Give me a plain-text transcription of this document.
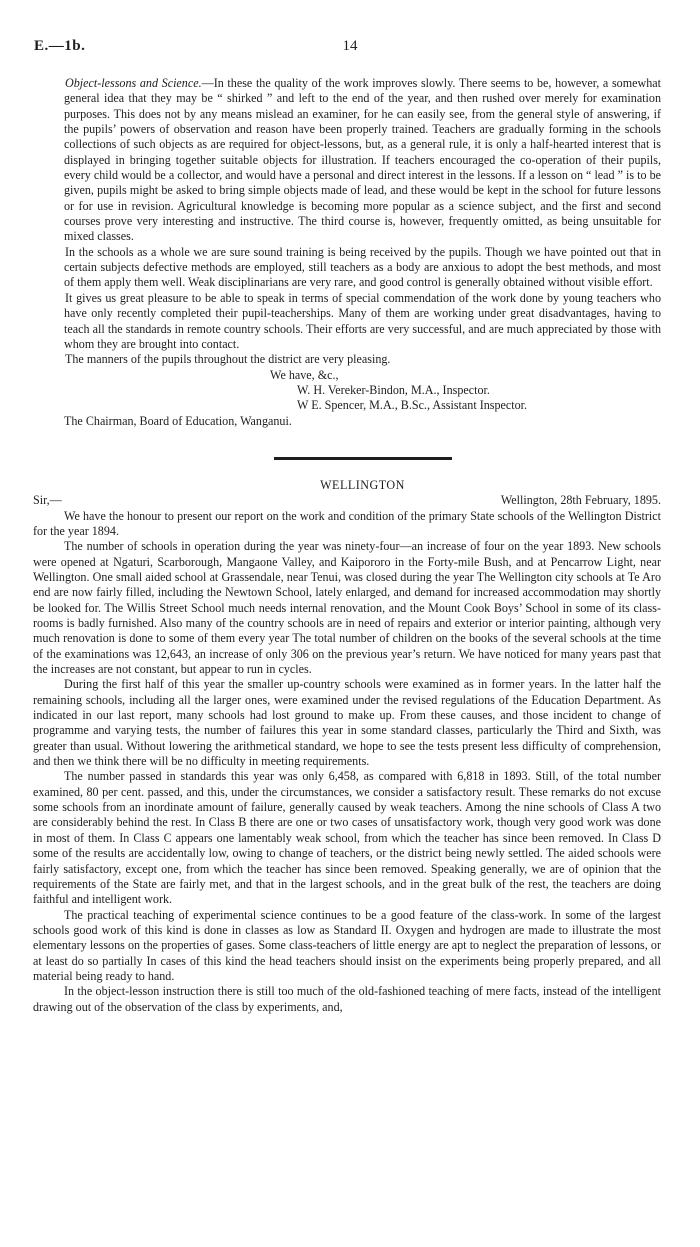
E.—1b.	14

Object-lessons and Science.—In these the quality of the work improves slowly. There seems to be, however, a somewhat general idea that they may be “ shirked ” and left to the end of the year, and then rushed over merely for examination purposes. This does not by any means mislead an examiner, for he can easily see, from the general style of answering, if the pupils’ powers of observation and reason have been properly trained. Teachers are gradually forming in the schools collections of such objects as are required for object-lessons, but, as a general rule, it is only a half-hearted interest that is displayed in bringing together suitable objects for illustration. If teachers encouraged the co-operation of their pupils, every child would be a collector, and would have a personal and direct interest in the lessons. If a lesson on “ lead ” is to be given, pupils might be asked to bring simple objects made of lead, and these would be kept in the school for future lessons or for use in revision. Agricultural knowledge is becoming more popular as a science subject, and the first and second courses prove very interesting and instructive. The third course is, however, frequently omitted, as being unsuitable for mixed classes.

In the schools as a whole we are sure sound training is being received by the pupils. Though we have pointed out that in certain subjects defective methods are employed, still teachers as a body are anxious to adopt the best methods, and most of them apply them well. Weak disciplinarians are very rare, and good control is generally obtained without visible effort.

It gives us great pleasure to be able to speak in terms of special commendation of the work done by young teachers who have only recently completed their pupil-teacherships. Many of them are working under great disadvantages, having to teach all the standards in remote country schools. Their efforts are very successful, and are much appreciated by those with whom they are brought into contact.

The manners of the pupils throughout the district are very pleasing.

We have, &c.,
W. H. Vereker-Bindon, M.A., Inspector.
W E. Spencer, M.A., B.Sc., Assistant Inspector.
The Chairman, Board of Education, Wanganui.
WELLINGTON
Sir,—	Wellington, 28th February, 1895.

We have the honour to present our report on the work and condition of the primary State schools of the Wellington District for the year 1894.

The number of schools in operation during the year was ninety-four—an increase of four on the year 1893. New schools were opened at Ngaturi, Scarborough, Mangaone Valley, and Kaipororo in the Forty-mile Bush, and at Pencarrow Light, near Wellington. One small aided school at Grassendale, near Tenui, was closed during the year The Wellington city schools at Te Aro end are now fairly filled, including the Newtown School, lately enlarged, and demand for increased accommodation may shortly be looked for. The Willis Street School much needs internal renovation, and the Mount Cook Boys’ School in some of its class-rooms is badly furnished. Also many of the country schools are in need of repairs and exterior or interior painting, although very much renovation is done to some of them every year The total number of children on the books of the several schools at the time of the examinations was 12,643, an increase of only 306 on the previous year’s return. We have noticed for many years past that the increases are not constant, but appear to run in cycles.

During the first half of this year the smaller up-country schools were examined as in former years. In the latter half the remaining schools, including all the larger ones, were examined under the revised regulations of the Education Department. As indicated in our last report, many schools had lost ground to make up. From these causes, and those incident to change of programme and varying tests, the number of failures this year in some standard classes, particularly the Third and Sixth, was greater than usual. Without lowering the arithmetical standard, we hope to see the tests present less difficulty of comprehension, and then we think there will be no difficulty in meeting requirements.

The number passed in standards this year was only 6,458, as compared with 6,818 in 1893. Still, of the total number examined, 80 per cent. passed, and this, under the circumstances, we consider a satisfactory result. These remarks do not excuse some schools from an inordinate amount of failure, generally caused by weak teachers. Among the nine schools of Class A two are considerably behind the rest. In Class B there are one or two cases of unsatisfactory work, though very good work was done in most of them. In Class C appears one lamentably weak school, from which the teacher has since been removed. In Class D some of the results are accidentally low, owing to change of teachers, or the district being newly settled. The aided schools were fairly satisfactory, except one, from which the teacher has since been removed. Speaking generally, we are of opinion that the requirements of the State are fairly met, and that in the largest schools, and in the great bulk of the rest, the teachers are doing faithful and intelligent work.

The practical teaching of experimental science continues to be a good feature of the class-work. In some of the largest schools good work of this kind is done in classes as low as Standard II. Oxygen and hydrogen are made to illustrate the most elementary lessons on the properties of gases. Some class-teachers of little energy are apt to neglect the preparation of lessons, or at least do so partially In cases of this kind the head teachers should insist on the experiments being properly prepared, and all material being ready to hand.

In the object-lesson instruction there is still too much of the old-fashioned teaching of mere facts, instead of the intelligent drawing out of the observation of the class by experiments, and,
